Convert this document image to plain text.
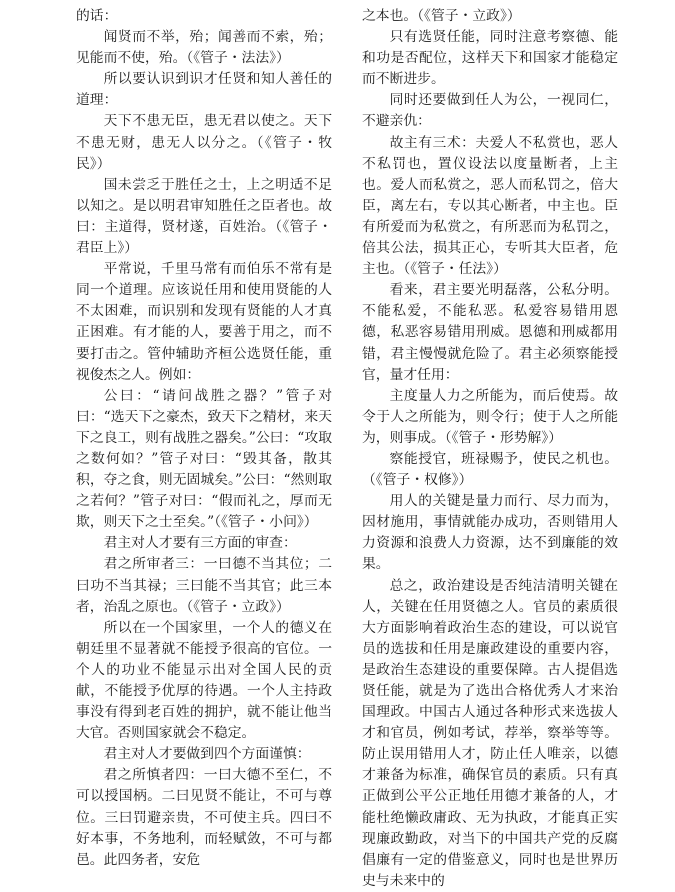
的话：

闻贤而不举，殆；闻善而不索，殆；见能而不使，殆。（《管子・法法》）

所以要认识到识才任贤和知人善任的道理：

天下不患无臣，患无君以使之。天下不患无财，患无人以分之。（《管子・牧民》）

国未尝乏于胜任之士，上之明适不足以知之。是以明君审知胜任之臣者也。故曰：主道得，贤材遂，百姓治。（《管子・君臣上》）

平常说，千里马常有而伯乐不常有是同一个道理。应该说任用和使用贤能的人不太困难，而识别和发现有贤能的人才真正困难。有才能的人，要善于用之，而不要打击之。管仲辅助齐桓公选贤任能，重视俊杰之人。例如：

公曰：“请问战胜之器？”管子对曰：“选天下之豪杰，致天下之精材，来天下之良工，则有战胜之器矣。”公曰：“攻取之数何如？”管子对曰：“毁其备，散其积，夺之食，则无固城矣。”公曰：“然则取之若何？”管子对曰：“假而礼之，厚而无欺，则天下之士至矣。”（《管子・小问》）

君主对人才要有三方面的审查：

君之所审者三：一曰德不当其位；二曰功不当其禄；三曰能不当其官；此三本者，治乱之原也。（《管子・立政》）

所以在一个国家里，一个人的德义在朝廷里不显著就不能授予很高的官位。一个人的功业不能显示出对全国人民的贡献，不能授予优厚的待遇。一个人主持政事没有得到老百姓的拥护，就不能让他当大官。否则国家就会不稳定。

君主对人才要做到四个方面谨慎：

君之所慎者四：一曰大德不至仁，不可以授国柄。二曰见贤不能让，不可与尊位。三曰罚避亲贵，不可使主兵。四曰不好本事，不务地利，而轻赋敛，不可与都邑。此四务者，安危

之本也。（《管子・立政》）

只有选贤任能，同时注意考察德、能和功是否配位，这样天下和国家才能稳定而不断进步。

同时还要做到任人为公，一视同仁，不避亲仇：

故主有三术：夫爱人不私赏也，恶人不私罚也，置仪设法以度量断者，上主也。爱人而私赏之，恶人而私罚之，倍大臣，离左右，专以其心断者，中主也。臣有所爱而为私赏之，有所恶而为私罚之，倍其公法，损其正心，专听其大臣者，危主也。（《管子・任法》）

看来，君主要光明磊落，公私分明。不能私爱，不能私恶。私爱容易错用恩德，私恶容易错用刑威。恩德和刑威都用错，君主慢慢就危险了。君主必须察能授官，量才任用：

主度量人力之所能为，而后使焉。故令于人之所能为，则令行；使于人之所能为，则事成。（《管子・形势解》）

察能授官，班禄赐予，使民之机也。（《管子・权修》）

用人的关键是量力而行、尽力而为，因材施用，事情就能办成功，否则错用人力资源和浪费人力资源，达不到廉能的效果。

总之，政治建设是否纯洁清明关键在人，关键在任用贤德之人。官员的素质很大方面影响着政治生态的建设，可以说官员的选拔和任用是廉政建设的重要内容，是政治生态建设的重要保障。古人提倡选贤任能，就是为了选出合格优秀人才来治国理政。中国古人通过各种形式来选拔人才和官员，例如考试，荐举，察举等等。防止误用错用人才，防止任人唯亲，以德才兼备为标准，确保官员的素质。只有真正做到公平公正地任用德才兼备的人，才能杜绝懒政庸政、无为执政，才能真正实现廉政勤政，对当下的中国共产党的反腐倡廉有一定的借鉴意义，同时也是世界历史与未来中的
